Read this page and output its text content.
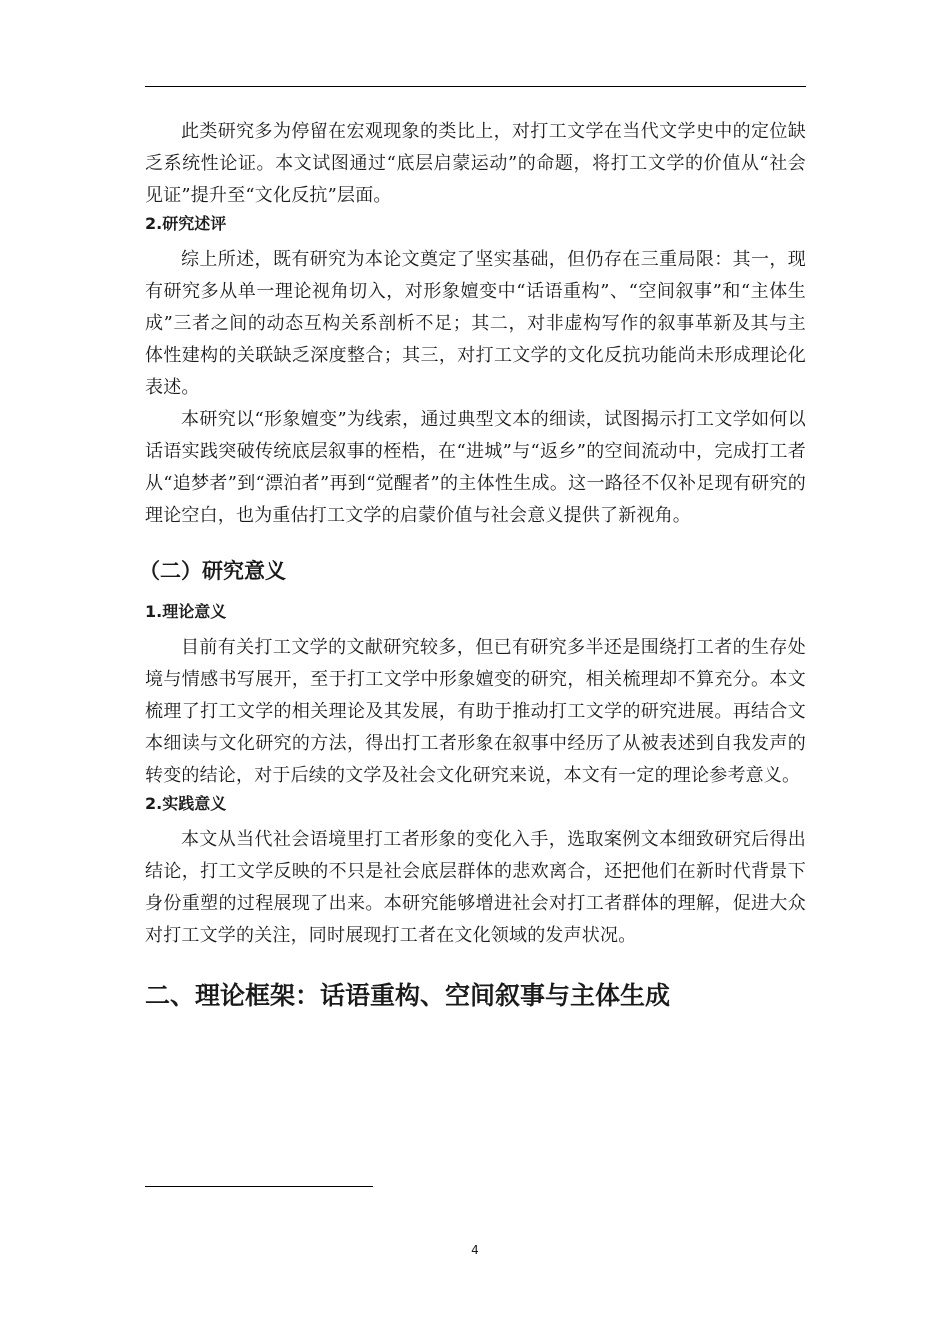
此类研究多为停留在宏观现象的类比上，对打工文学在当代文学史中的定位缺乏系统性论证。本文试图通过“底层启蒙运动”的命题，将打工文学的价值从“社会见证”提升至“文化反抗”层面。

2.研究述评

综上所述，既有研究为本论文奠定了坚实基础，但仍存在三重局限：其一，现有研究多从单一理论视角切入，对形象嬗变中“话语重构”、“空间叙事”和“主体生成”三者之间的动态互构关系剖析不足；其二，对非虚构写作的叙事革新及其与主体性建构的关联缺乏深度整合；其三，对打工文学的文化反抗功能尚未形成理论化表述。

本研究以“形象嬗变”为线索，通过典型文本的细读，试图揭示打工文学如何以话语实践突破传统底层叙事的桎梏，在“进城”与“返乡”的空间流动中，完成打工者从“追梦者”到“漂泊者”再到“觉醒者”的主体性生成。这一路径不仅补足现有研究的理论空白，也为重估打工文学的启蒙价值与社会意义提供了新视角。

（二）研究意义
1.理论意义

目前有关打工文学的文献研究较多，但已有研究多半还是围绕打工者的生存处境与情感书写展开，至于打工文学中形象嬗变的研究，相关梳理却不算充分。本文梳理了打工文学的相关理论及其发展，有助于推动打工文学的研究进展。再结合文本细读与文化研究的方法，得出打工者形象在叙事中经历了从被表述到自我发声的转变的结论，对于后续的文学及社会文化研究来说，本文有一定的理论参考意义。

2.实践意义

本文从当代社会语境里打工者形象的变化入手，选取案例文本细致研究后得出结论，打工文学反映的不只是社会底层群体的悲欢离合，还把他们在新时代背景下身份重塑的过程展现了出来。本研究能够增进社会对打工者群体的理解，促进大众对打工文学的关注，同时展现打工者在文化领域的发声状况。

二、理论框架：话语重构、空间叙事与主体生成
4
